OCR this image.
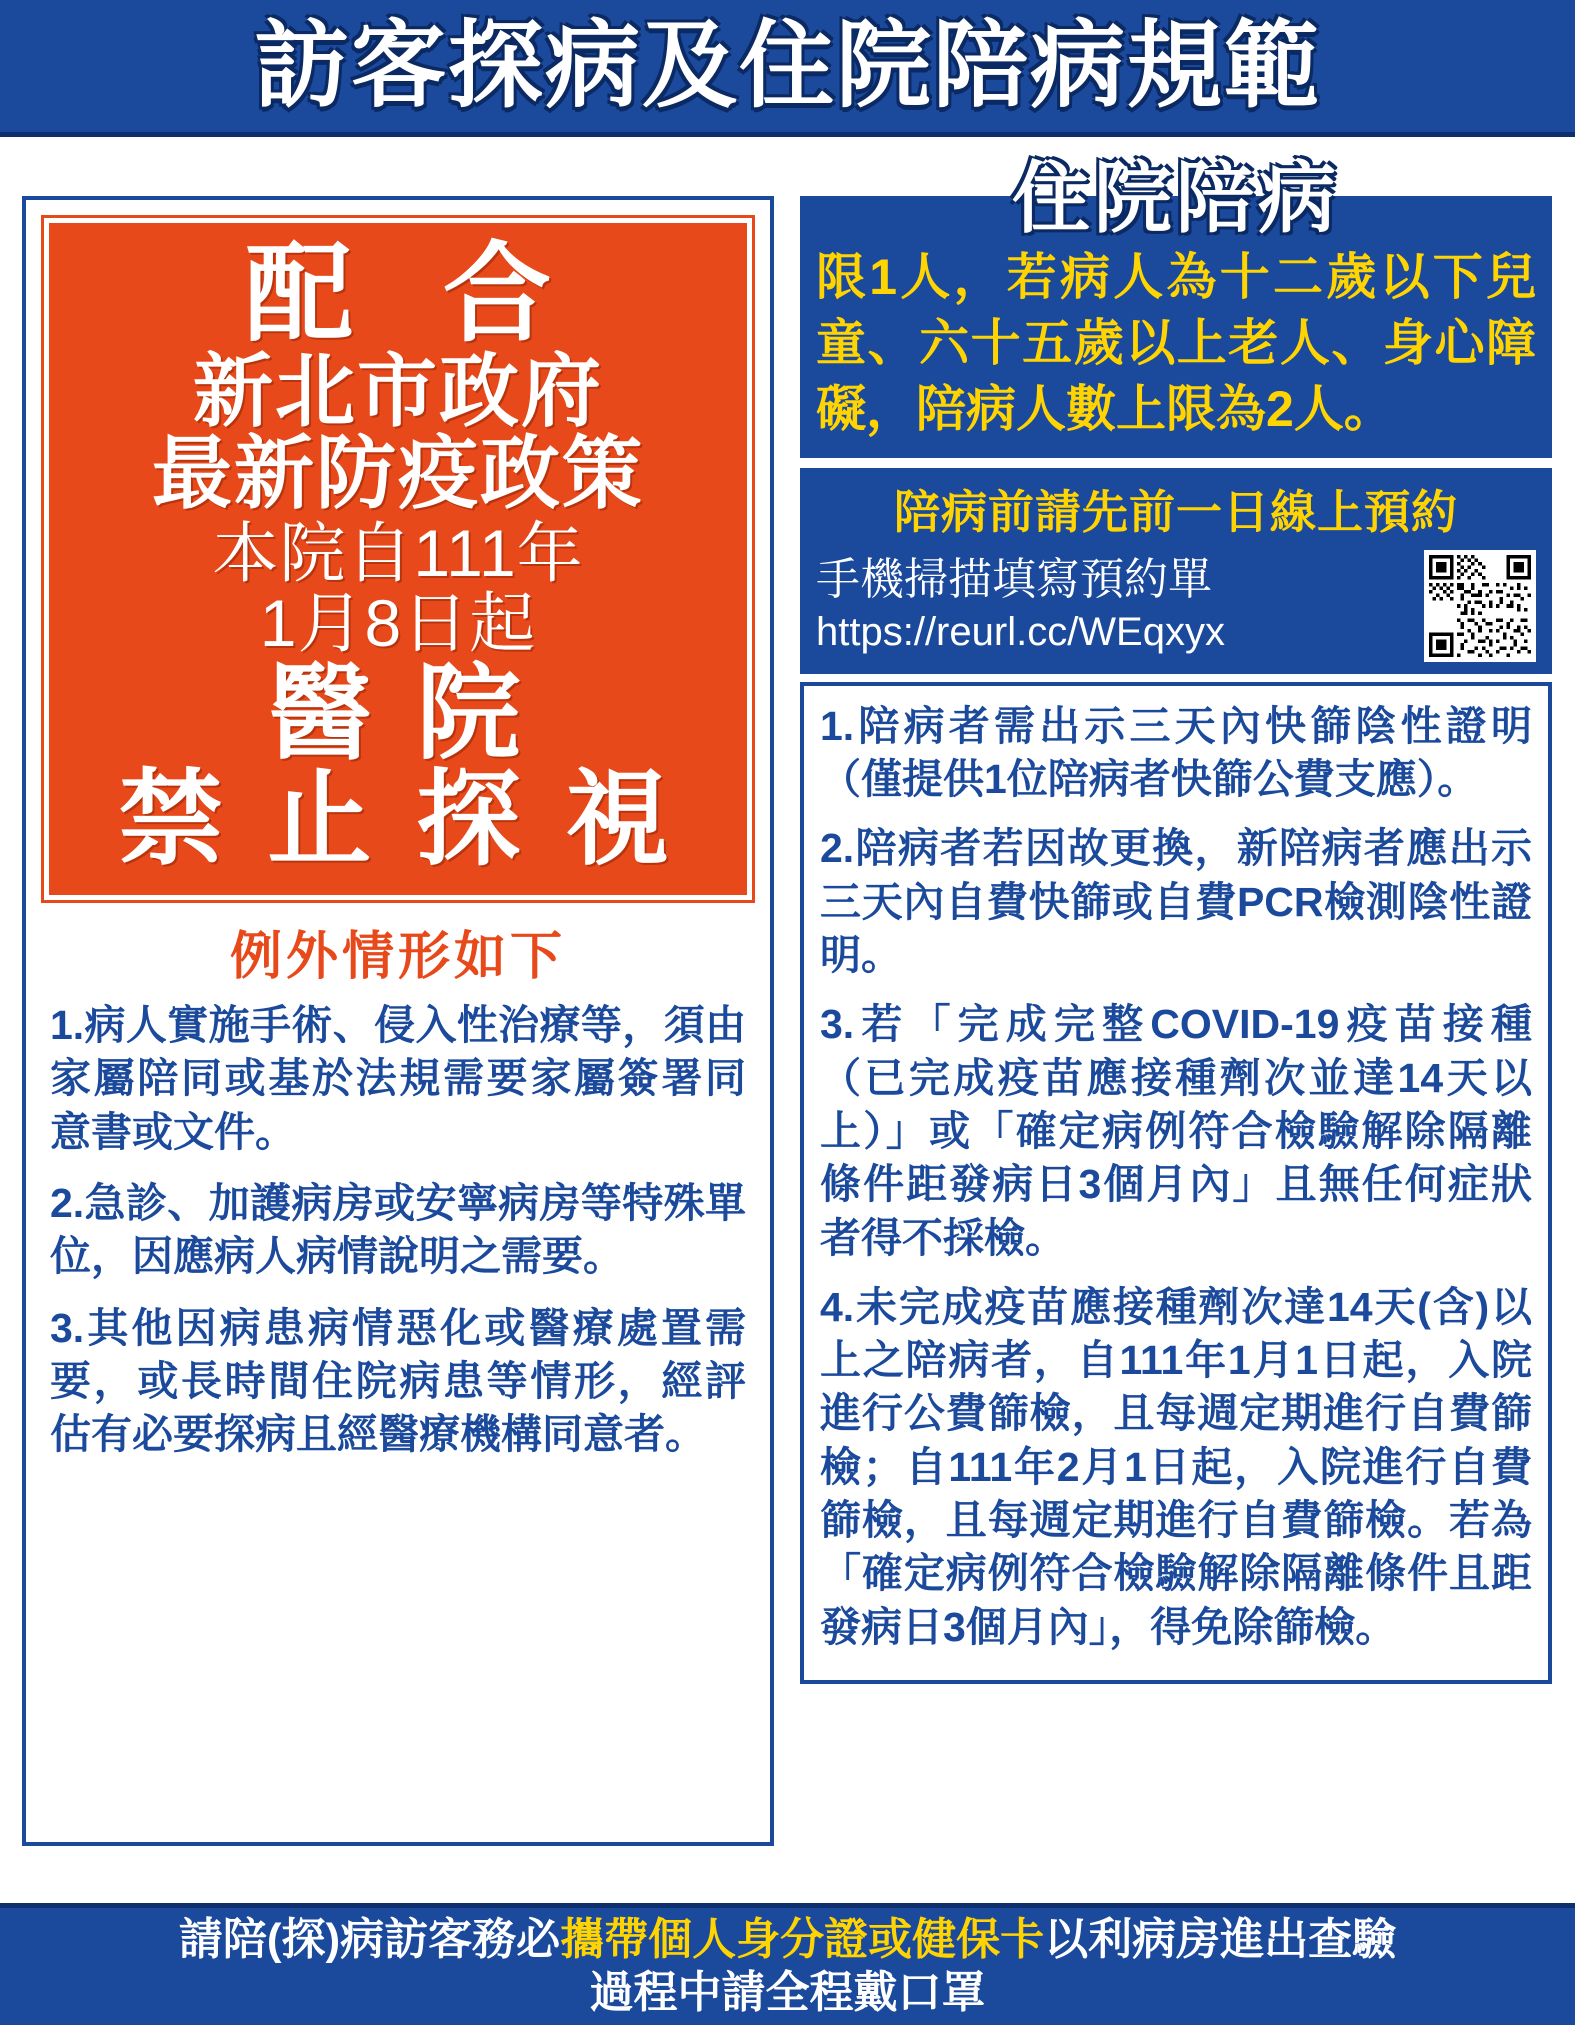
訪客探病及住院陪病規範
配 合
新北市政府
最新防疫政策
本院自111年
1月8日起
醫 院
禁 止 探 視
例外情形如下
1.病人實施手術、侵入性治療等，須由家屬陪同或基於法規需要家屬簽署同意書或文件。
2.急診、加護病房或安寧病房等特殊單位，因應病人病情說明之需要。
3.其他因病患病情惡化或醫療處置需要，或長時間住院病患等情形，經評估有必要探病且經醫療機構同意者。
住院陪病
限1人，若病人為十二歲以下兒童、六十五歲以上老人、身心障礙，陪病人數上限為2人。
陪病前請先前一日線上預約
手機掃描填寫預約單
https://reurl.cc/WEqxyx
1.陪病者需出示三天內快篩陰性證明（僅提供1位陪病者快篩公費支應）。
2.陪病者若因故更換，新陪病者應出示三天內自費快篩或自費PCR檢測陰性證明。
3.若「完成完整COVID-19疫苗接種（已完成疫苗應接種劑次並達14天以上）」或「確定病例符合檢驗解除隔離條件距發病日3個月內」且無任何症狀者得不採檢。
4.未完成疫苗應接種劑次達14天(含)以上之陪病者，自111年1月1日起，入院進行公費篩檢，且每週定期進行自費篩檢；自111年2月1日起，入院進行自費篩檢，且每週定期進行自費篩檢。若為「確定病例符合檢驗解除隔離條件且距發病日3個月內」，得免除篩檢。
請陪(探)病訪客務必攜帶個人身分證或健保卡以利病房進出查驗
過程中請全程戴口罩
